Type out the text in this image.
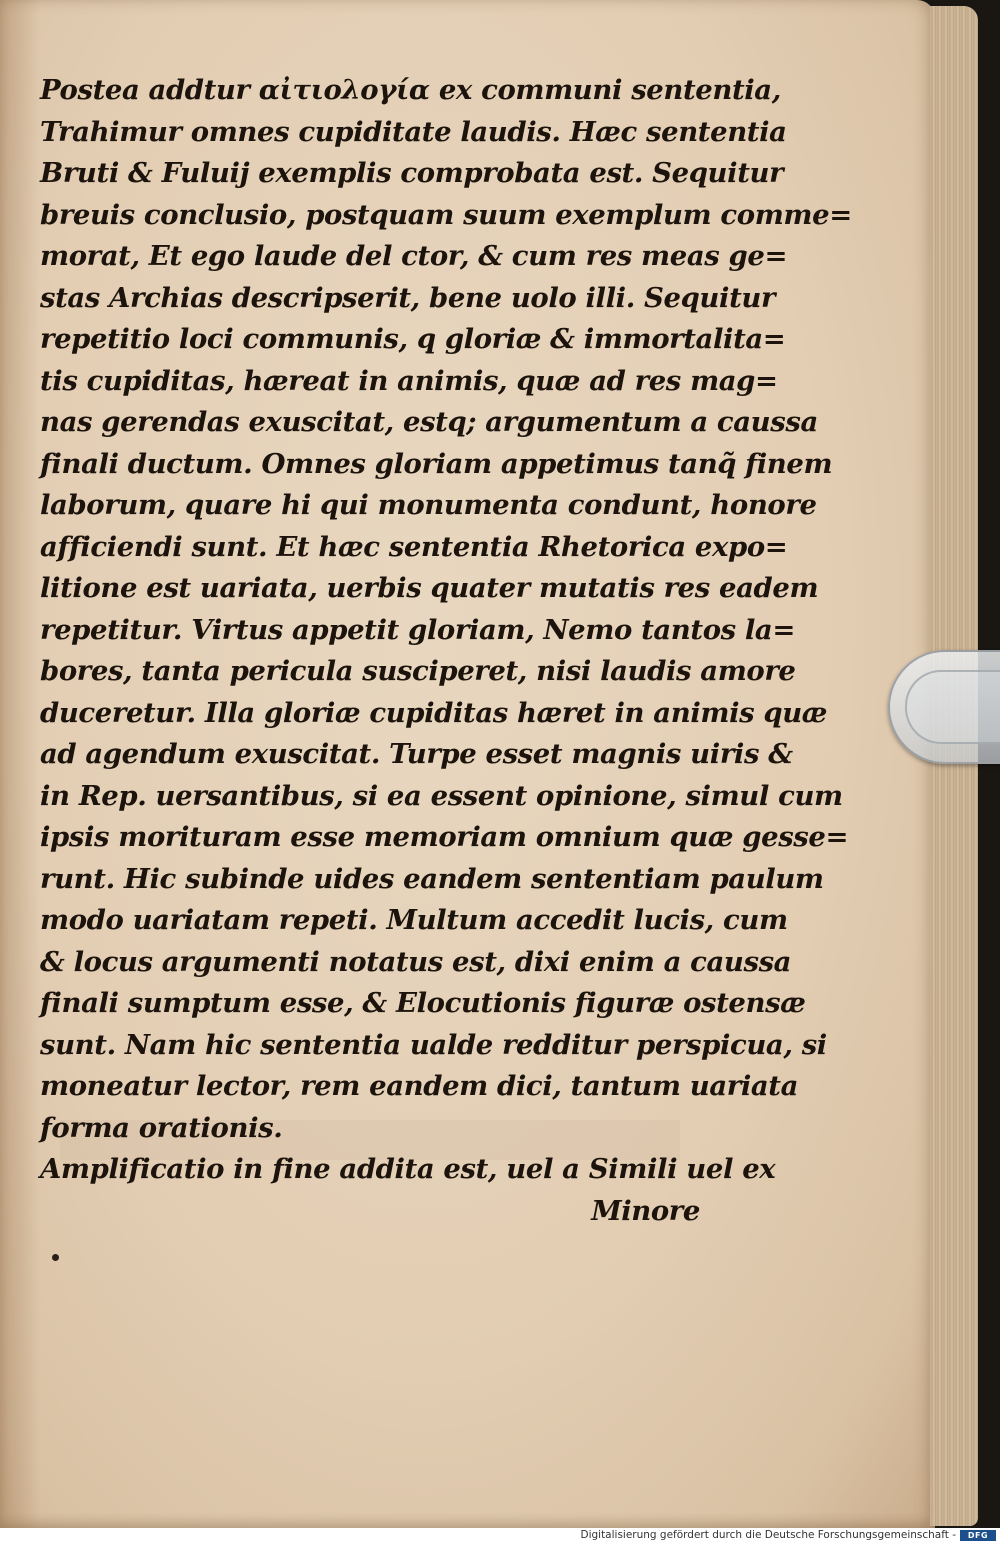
Postea addtur αἰτιολογία ex communi sententia,
Trahimur omnes cupiditate laudis. Hæc sententia
Bruti & Fuluij exemplis comprobata est. Sequitur
breuis conclusio, postquam suum exemplum comme=
morat, Et ego laude del ctor, & cum res meas ge=
stas Archias descripserit, bene uolo illi. Sequitur
repetitio loci communis, q̧ gloriæ & immortalita=
tis cupiditas, hæreat in animis, quæ ad res mag=
nas gerendas exuscitat, estq; argumentum a caussa
finali ductum. Omnes gloriam appetimus tanq̃ finem
laborum, quare hi qui monumenta condunt, honore
afficiendi sunt. Et hæc sententia Rhetorica expo=
litione est uariata, uerbis quater mutatis res eadem
repetitur. Virtus appetit gloriam, Nemo tantos la=
bores, tanta pericula susciperet, nisi laudis amore
duceretur. Illa gloriæ cupiditas hæret in animis quæ
ad agendum exuscitat. Turpe esset magnis uiris &
in Rep. uersantibus, si ea essent opinione, simul cum
ipsis morituram esse memoriam omnium quæ gesse=
runt. Hic subinde uides eandem sententiam paulum
modo uariatam repeti. Multum accedit lucis, cum
& locus argumenti notatus est, dixi enim a caussa
finali sumptum esse, & Elocutionis figuræ ostensæ
sunt. Nam hic sententia ualde redditur perspicua, si
moneatur lector, rem eandem dici, tantum uariata
forma orationis.
Amplificatio in fine addita est, uel a Simili uel ex
Minore
Digitalisierung gefördert durch die Deutsche Forschungsgemeinschaft -	DFG
